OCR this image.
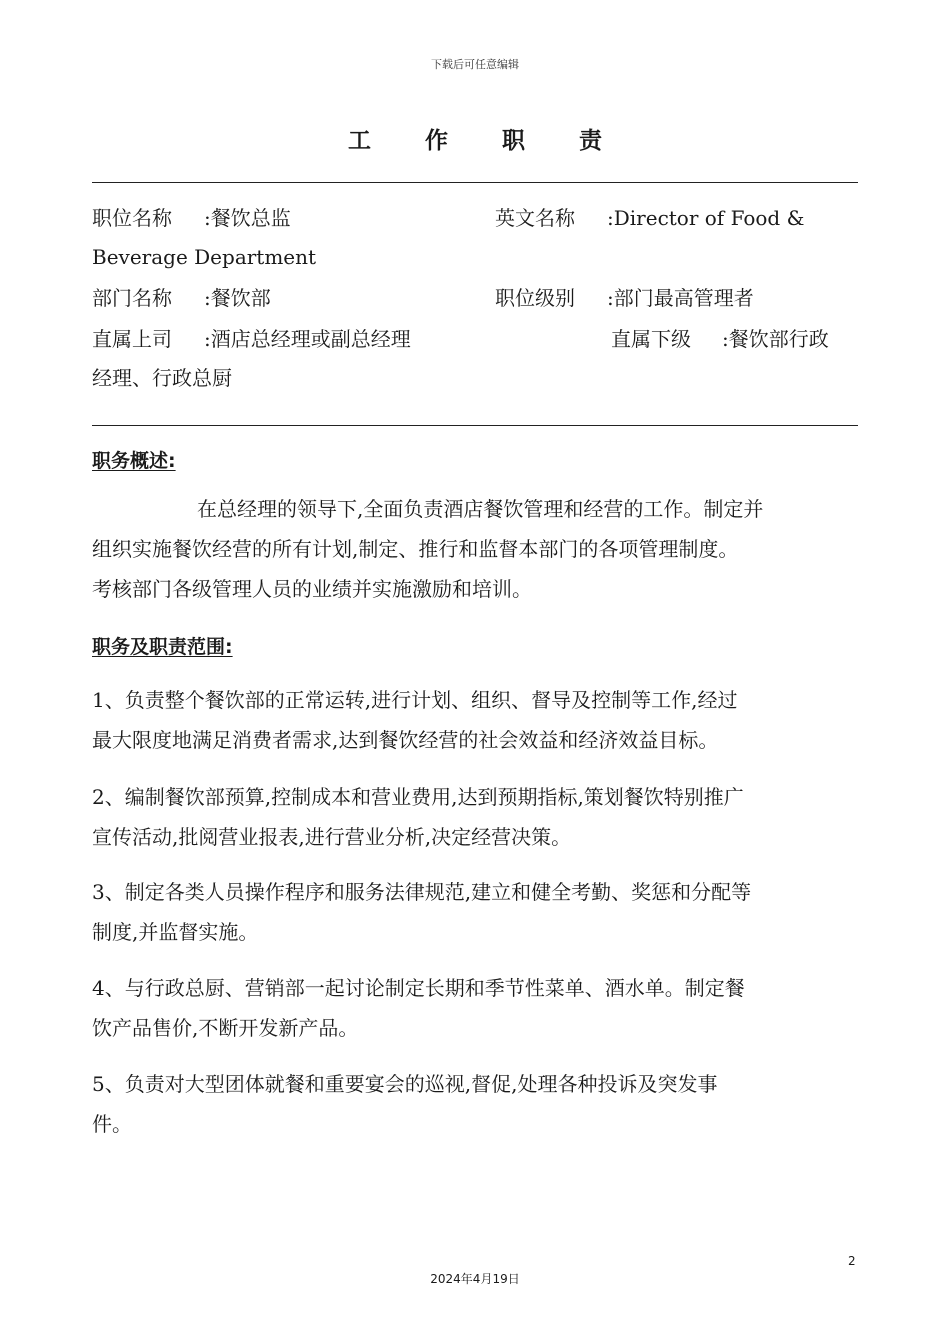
下载后可任意编辑
工 作 职 责
职位名称 :餐饮总监	英文名称 :Director of Food &
Beverage Department
部门名称 :餐饮部	职位级别 :部门最高管理者
直属上司 :酒店总经理或副总经理	直属下级 :餐饮部行政
经理、行政总厨
职务概述:
在总经理的领导下,全面负责酒店餐饮管理和经营的工作。制定并
组织实施餐饮经营的所有计划,制定、推行和监督本部门的各项管理制度。
考核部门各级管理人员的业绩并实施激励和培训。
职务及职责范围:
1、负责整个餐饮部的正常运转,进行计划、组织、督导及控制等工作,经过
最大限度地满足消费者需求,达到餐饮经营的社会效益和经济效益目标。
2、编制餐饮部预算,控制成本和营业费用,达到预期指标,策划餐饮特别推广
宣传活动,批阅营业报表,进行营业分析,决定经营决策。
3、制定各类人员操作程序和服务法律规范,建立和健全考勤、奖惩和分配等
制度,并监督实施。
4、与行政总厨、营销部一起讨论制定长期和季节性菜单、酒水单。制定餐
饮产品售价,不断开发新产品。
5、负责对大型团体就餐和重要宴会的巡视,督促,处理各种投诉及突发事
件。
2
2024年4月19日
